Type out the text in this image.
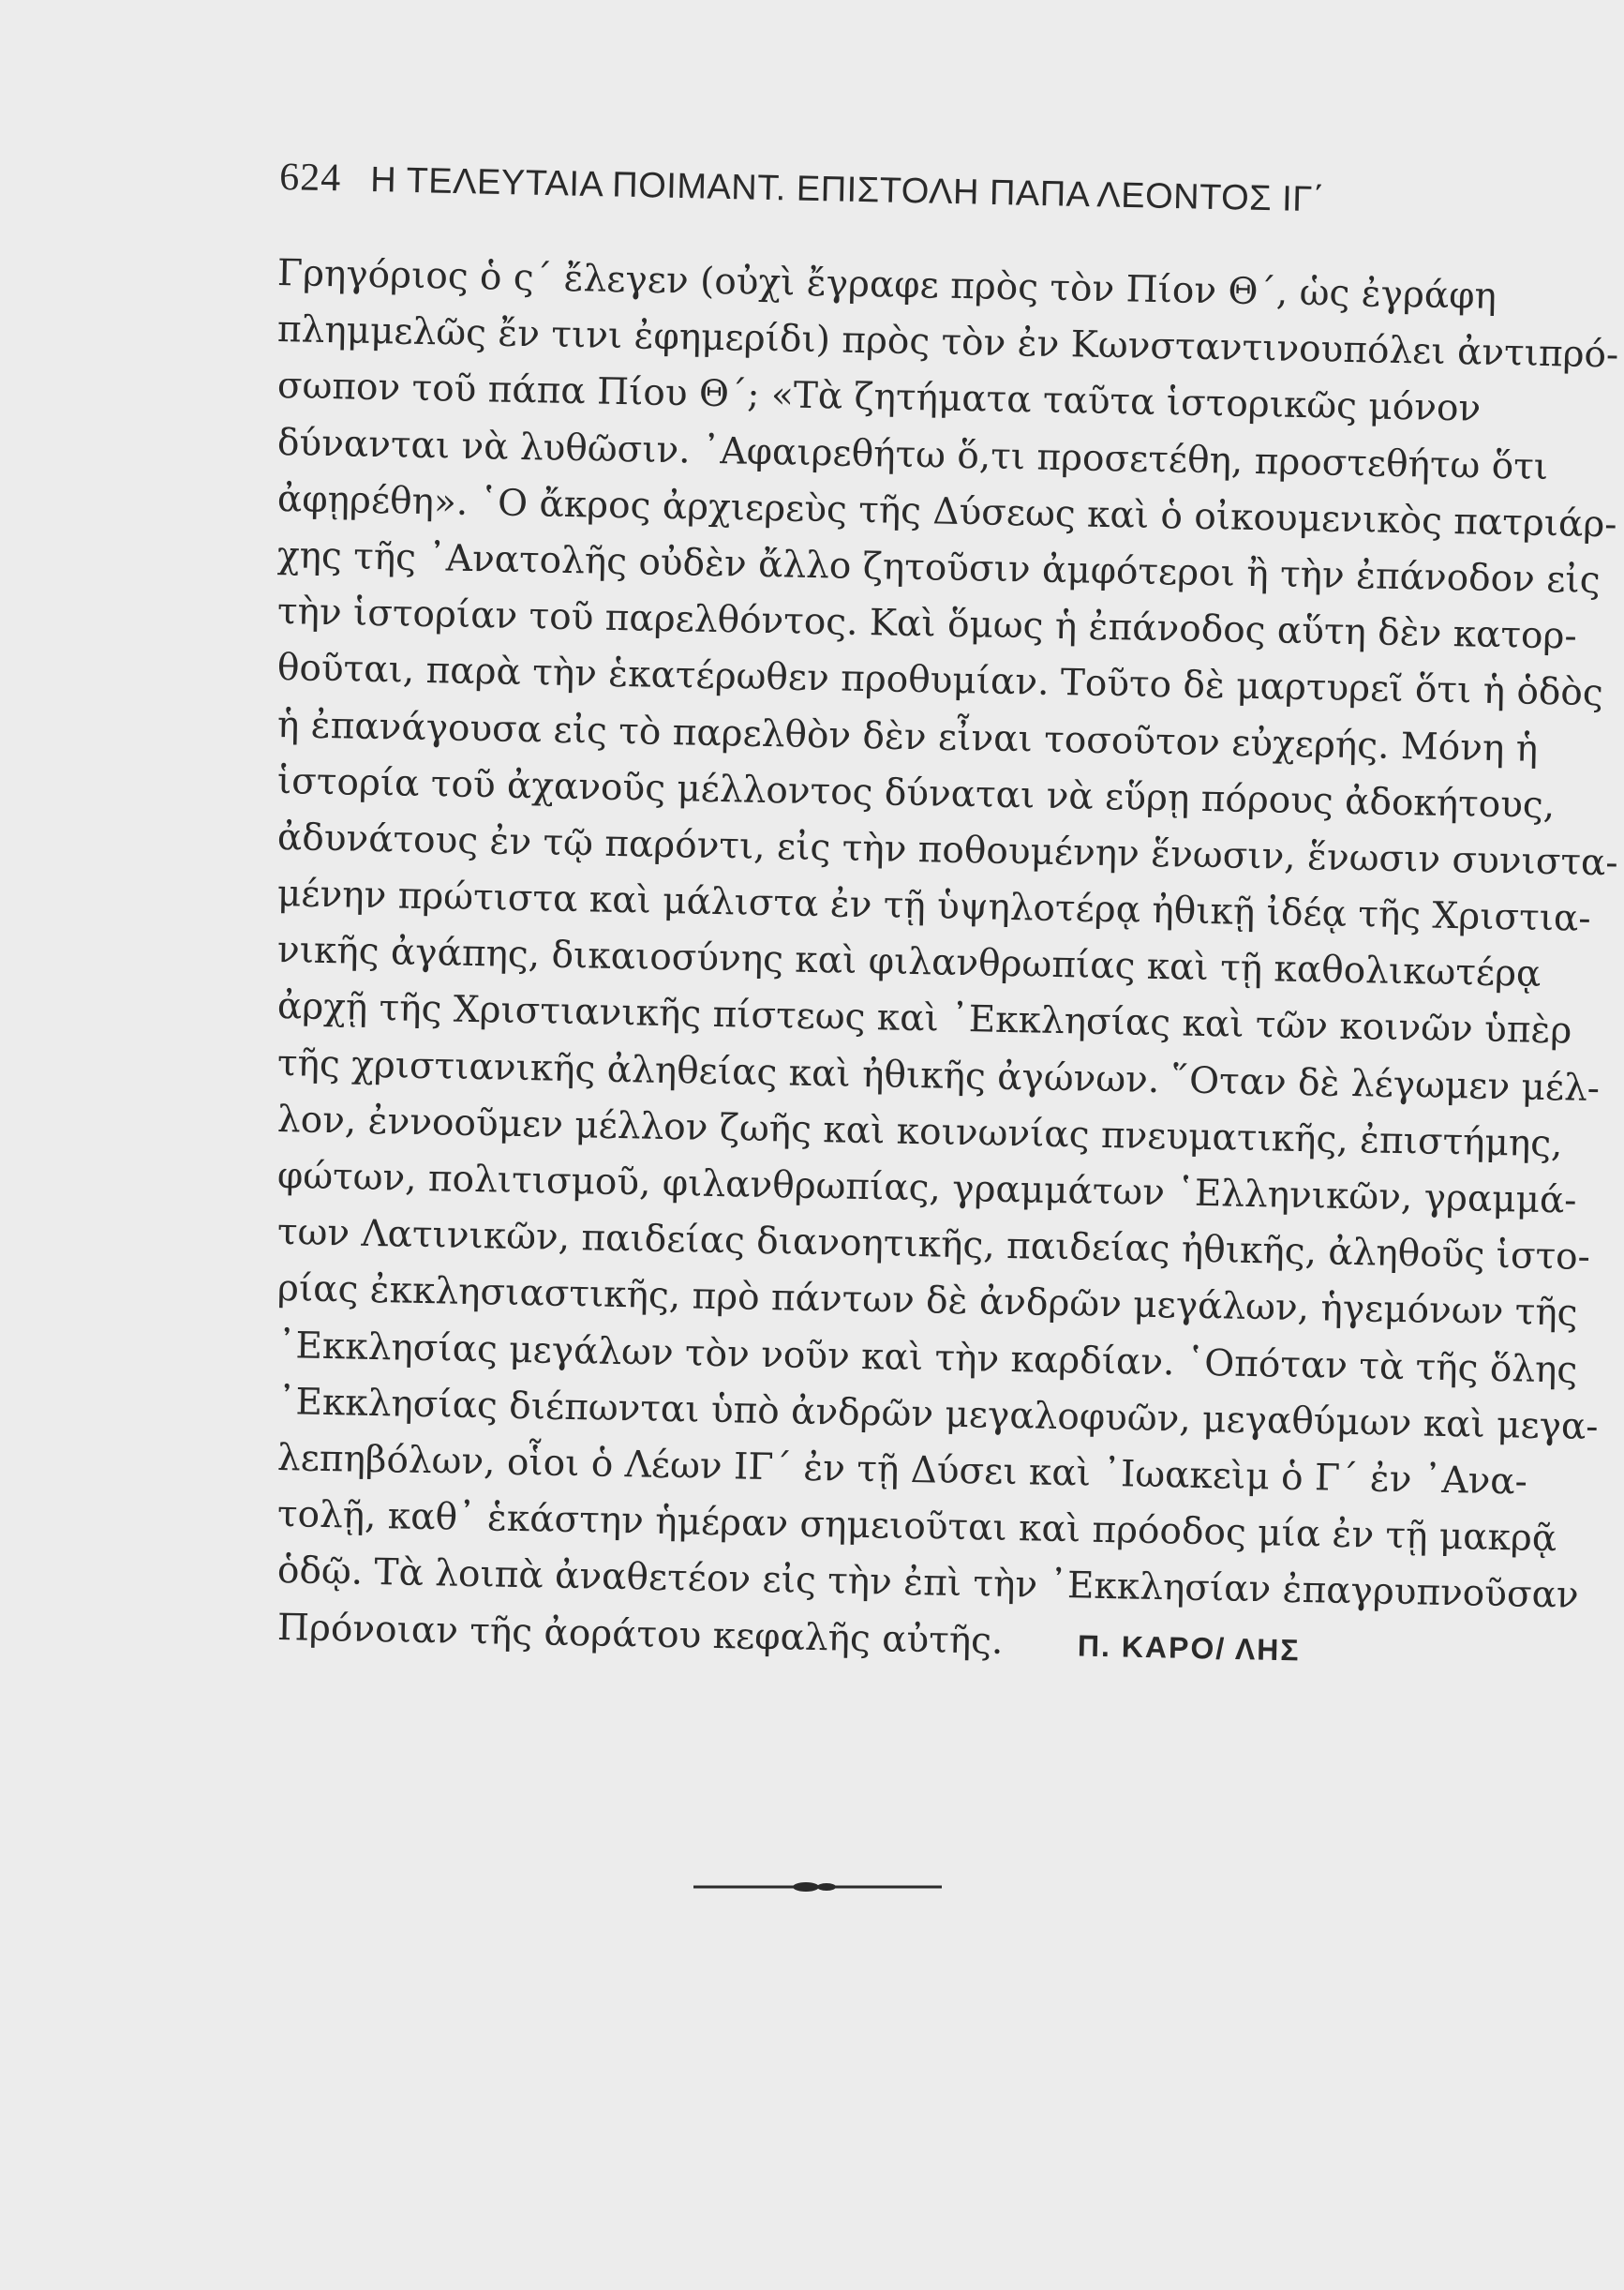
624 Η ΤΕΛΕΥΤΑΙΑ ΠΟΙΜΑΝΤ. ΕΠΙΣΤΟΛΗ ΠΑΠΑ ΛΕΟΝΤΟΣ ΙΓ΄
Γρηγόριος ὁ ς΄ ἔλεγεν (οὐχὶ ἔγραφε πρὸς τὸν Πίον Θ΄, ὡς ἐγράφη
πλημμελῶς ἔν τινι ἐφημερίδι) πρὸς τὸν ἐν Κωνσταντινουπόλει ἀντιπρό-
σωπον τοῦ πάπα Πίου Θ΄; «Τὰ ζητήματα ταῦτα ἱστορικῶς μόνον
δύνανται νὰ λυθῶσιν. ᾿Αφαιρεθήτω ὅ,τι προσετέθη, προστεθήτω ὅτι
ἀφῃρέθη». ῾Ο ἄκρος ἀρχιερεὺς τῆς Δύσεως καὶ ὁ οἰκουμενικὸς πατριάρ-
χης τῆς ᾿Ανατολῆς οὐδὲν ἄλλο ζητοῦσιν ἀμφότεροι ἢ τὴν ἐπάνοδον εἰς
τὴν ἱστορίαν τοῦ παρελθόντος. Καὶ ὅμως ἡ ἐπάνοδος αὕτη δὲν κατορ-
θοῦται, παρὰ τὴν ἑκατέρωθεν προθυμίαν. Τοῦτο δὲ μαρτυρεῖ ὅτι ἡ ὁδὸς
ἡ ἐπανάγουσα εἰς τὸ παρελθὸν δὲν εἶναι τοσοῦτον εὐχερής. Μόνη ἡ
ἱστορία τοῦ ἀχανοῦς μέλλοντος δύναται νὰ εὕρῃ πόρους ἀδοκήτους,
ἀδυνάτους ἐν τῷ παρόντι, εἰς τὴν ποθουμένην ἕνωσιν, ἕνωσιν συνιστα-
μένην πρώτιστα καὶ μάλιστα ἐν τῇ ὑψηλοτέρᾳ ἠθικῇ ἰδέᾳ τῆς Χριστια-
νικῆς ἀγάπης, δικαιοσύνης καὶ φιλανθρωπίας καὶ τῇ καθολικωτέρᾳ
ἀρχῇ τῆς Χριστιανικῆς πίστεως καὶ ᾿Εκκλησίας καὶ τῶν κοινῶν ὑπὲρ
τῆς χριστιανικῆς ἀληθείας καὶ ἠθικῆς ἀγώνων. ῞Οταν δὲ λέγωμεν μέλ-
λον, ἐννοοῦμεν μέλλον ζωῆς καὶ κοινωνίας πνευματικῆς, ἐπιστήμης,
φώτων, πολιτισμοῦ, φιλανθρωπίας, γραμμάτων ῾Ελληνικῶν, γραμμά-
των Λατινικῶν, παιδείας διανοητικῆς, παιδείας ἠθικῆς, ἀληθοῦς ἱστο-
ρίας ἐκκλησιαστικῆς, πρὸ πάντων δὲ ἀνδρῶν μεγάλων, ἡγεμόνων τῆς
᾿Εκκλησίας μεγάλων τὸν νοῦν καὶ τὴν καρδίαν. ῾Οπόταν τὰ τῆς ὅλης
᾿Εκκλησίας διέπωνται ὑπὸ ἀνδρῶν μεγαλοφυῶν, μεγαθύμων καὶ μεγα-
λεπηβόλων, οἷοι ὁ Λέων ΙΓ΄ ἐν τῇ Δύσει καὶ ᾿Ιωακεὶμ ὁ Γ΄ ἐν ᾿Ανα-
τολῇ, καθ᾿ ἑκάστην ἡμέραν σημειοῦται καὶ πρόοδος μία ἐν τῇ μακρᾷ
ὁδῷ. Τὰ λοιπὰ ἀναθετέον εἰς τὴν ἐπὶ τὴν ᾿Εκκλησίαν ἐπαγρυπνοῦσαν
Πρόνοιαν τῆς ἀοράτου κεφαλῆς αὐτῆς.	Π. ΚΑΡΟ/ ΛΗΣ
